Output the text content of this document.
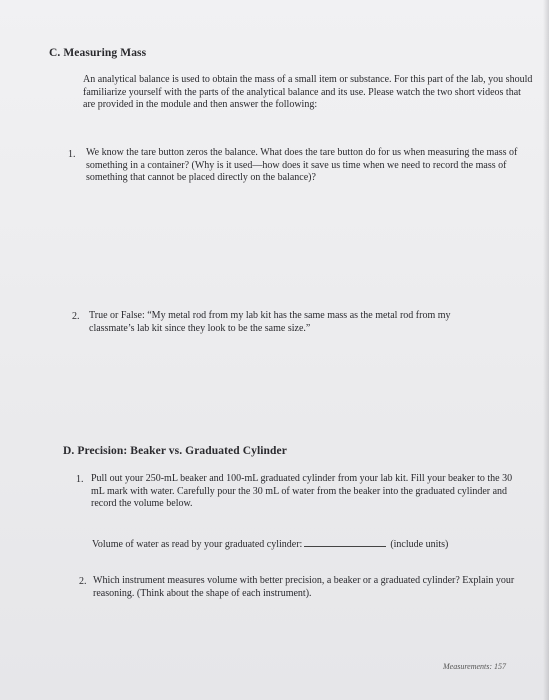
C. Measuring Mass

An analytical balance is used to obtain the mass of a small item or substance. For this part of the lab, you should familiarize yourself with the parts of the analytical balance and its use. Please watch the two short videos that are provided in the module and then answer the following:

1. We know the tare button zeros the balance. What does the tare button do for us when measuring the mass of something in a container? (Why is it used—how does it save us time when we need to record the mass of something that cannot be placed directly on the balance)?

2. True or False: “My metal rod from my lab kit has the same mass as the metal rod from my classmate’s lab kit since they look to be the same size.”

D. Precision: Beaker vs. Graduated Cylinder

1. Pull out your 250-mL beaker and 100-mL graduated cylinder from your lab kit. Fill your beaker to the 30 mL mark with water. Carefully pour the 30 mL of water from the beaker into the graduated cylinder and record the volume below.

Volume of water as read by your graduated cylinder:	(include units)

2. Which instrument measures volume with better precision, a beaker or a graduated cylinder? Explain your reasoning. (Think about the shape of each instrument).

Measurements: 157
